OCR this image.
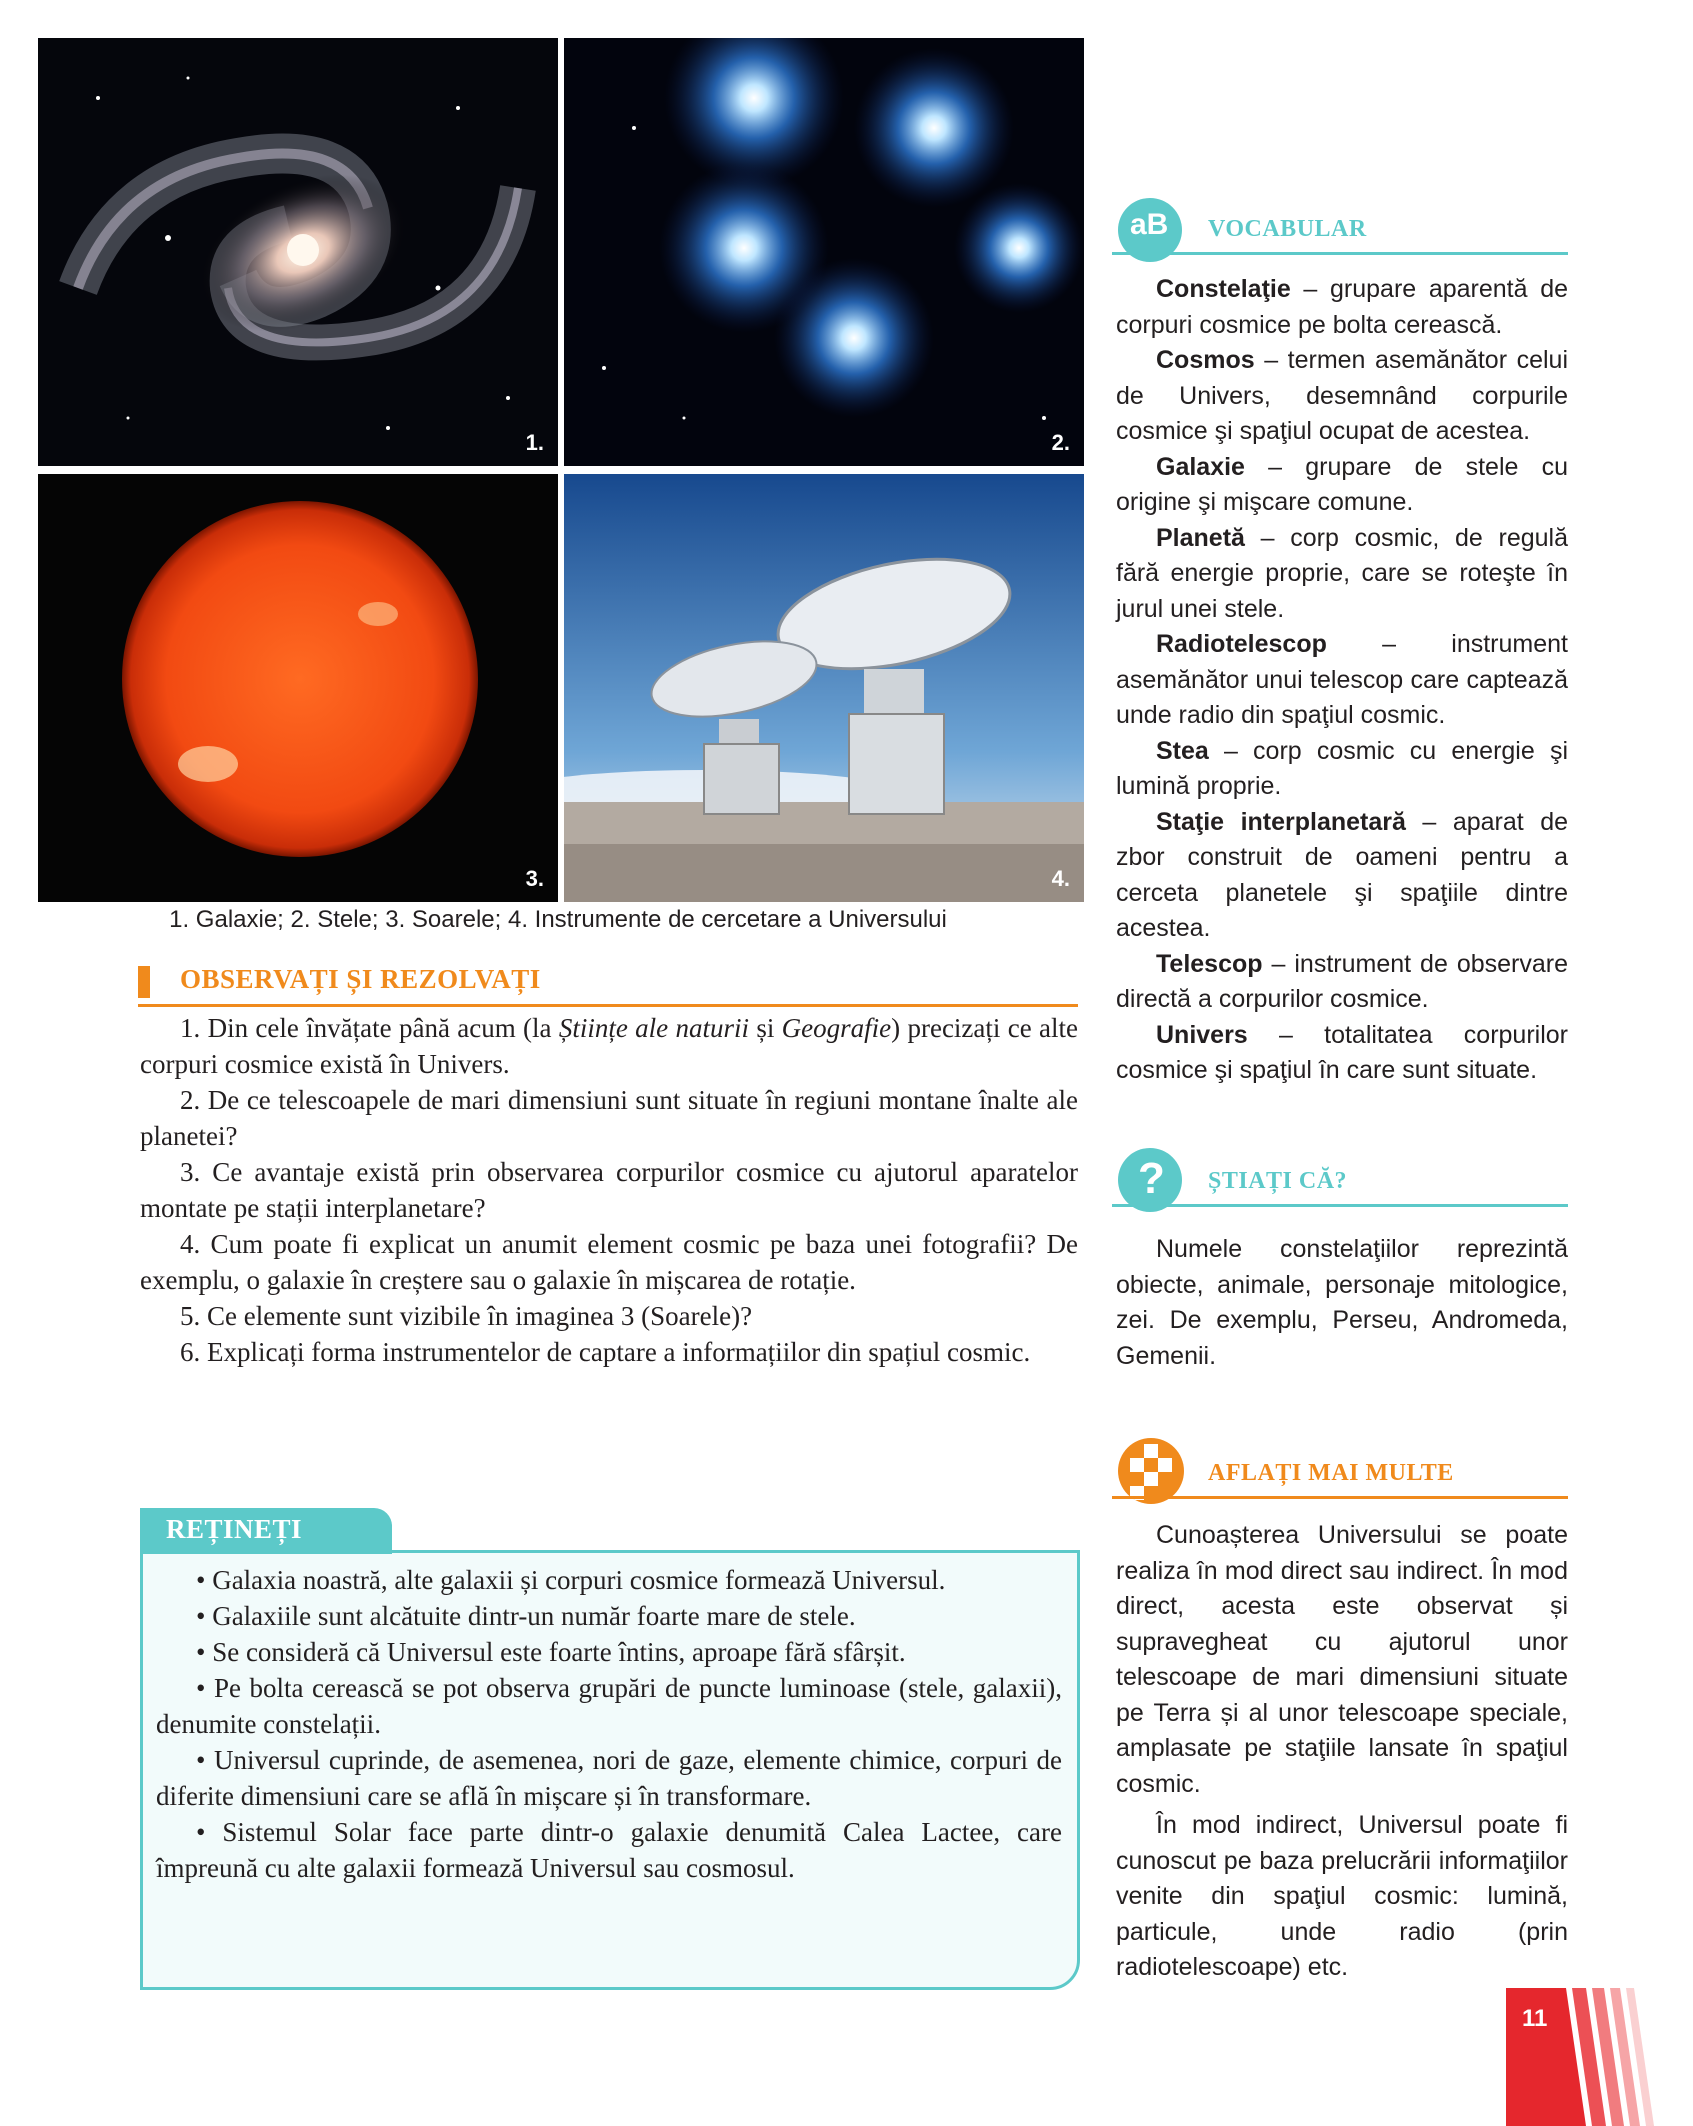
1.	2.
3.	4.
1. Galaxie; 2. Stele; 3. Soarele; 4. Instrumente de cercetare a Universului
OBSERVAȚI ȘI REZOLVAȚI

1. Din cele învățate până acum (la Științe ale naturii și Geografie) precizați ce alte corpuri cosmice există în Univers.

2. De ce telescoapele de mari dimensiuni sunt situate în regiuni montane înalte ale planetei?

3. Ce avantaje există prin observarea corpurilor cosmice cu ajutorul aparatelor montate pe stații interplanetare?

4. Cum poate fi explicat un anumit element cosmic pe baza unei fotografii? De exemplu, o galaxie în creștere sau o galaxie în mișcarea de rotație.

5. Ce elemente sunt vizibile în imaginea 3 (Soarele)?

6. Explicați forma instrumentelor de captare a informațiilor din spațiul cosmic.

REȚINEȚI

• Galaxia noastră, alte galaxii și corpuri cosmice formează Universul.

• Galaxiile sunt alcătuite dintr-un număr foarte mare de stele.

• Se consideră că Universul este foarte întins, aproape fără sfârșit.

• Pe bolta cerească se pot observa grupări de puncte luminoase (stele, galaxii), denumite constelații.

• Universul cuprinde, de asemenea, nori de gaze, elemente chimice, corpuri de diferite dimensiuni care se află în mișcare și în transformare.

• Sistemul Solar face parte dintr-o galaxie denumită Calea Lactee, care împreună cu alte galaxii formează Universul sau cosmosul.

aB VOCABULAR

Constelaţie – grupare aparentă de corpuri cosmice pe bolta cerească.

Cosmos – termen asemănător celui de Univers, desemnând corpurile cosmice şi spaţiul ocupat de acestea.

Galaxie – grupare de stele cu origine şi mişcare comune.

Planetă – corp cosmic, de regulă fără energie proprie, care se roteşte în jurul unei stele.

Radiotelescop – instrument asemănător unui telescop care captează unde radio din spaţiul cosmic.

Stea – corp cosmic cu energie şi lumină proprie.

Staţie interplanetară – aparat de zbor construit de oameni pentru a cerceta planetele şi spaţiile dintre acestea.

Telescop – instrument de observare directă a corpurilor cosmice.

Univers – totalitatea corpurilor cosmice şi spaţiul în care sunt situate.

? ȘTIAȚI CĂ?

Numele constelaţiilor reprezintă obiecte, animale, personaje mitologice, zei. De exemplu, Perseu, Andromeda, Gemenii.

AFLAȚI MAI MULTE

Cunoașterea Universului se poate realiza în mod direct sau indirect. În mod direct, acesta este observat și supravegheat cu ajutorul unor telescoape de mari dimensiuni situate pe Terra și al unor telescoape speciale, amplasate pe staţiile lansate în spaţiul cosmic.

În mod indirect, Universul poate fi cunoscut pe baza prelucrării informaţiilor venite din spaţiul cosmic: lumină, particule, unde radio (prin radiotelescoape) etc.

11
